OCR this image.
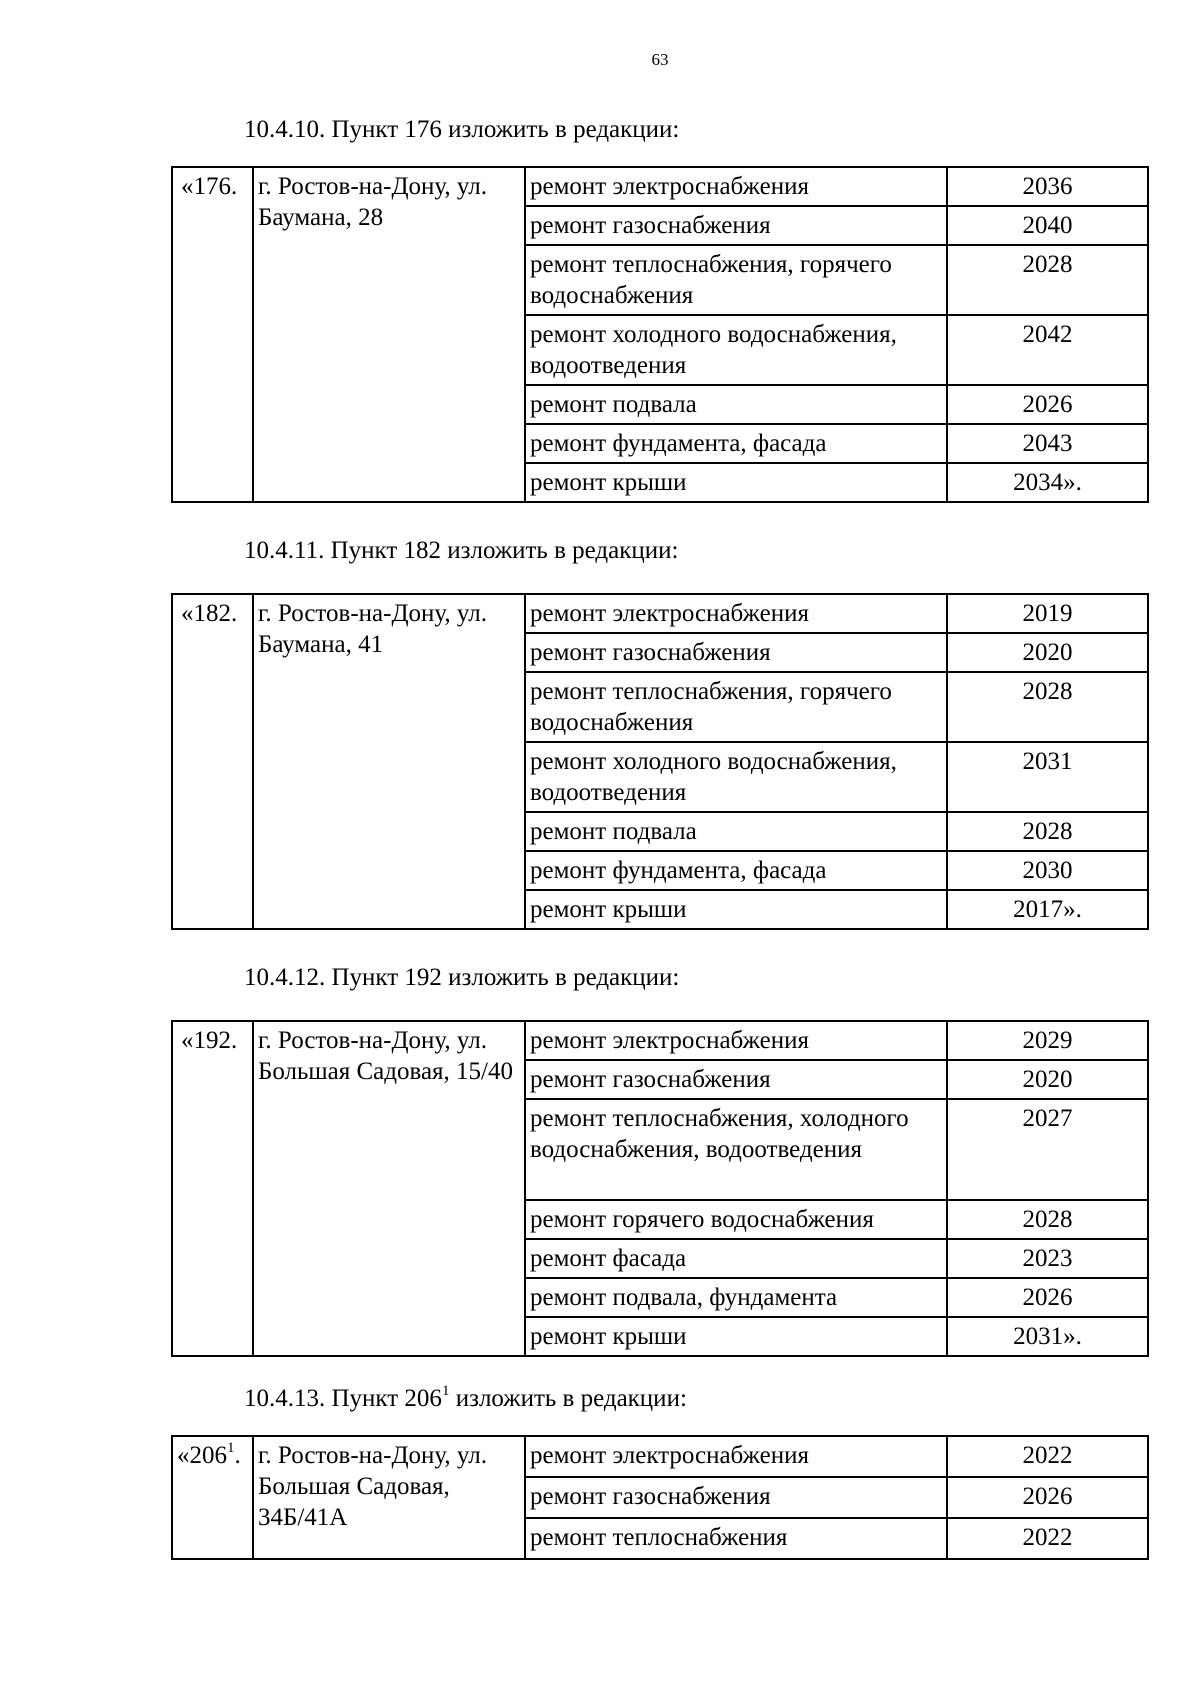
63
10.4.10. Пункт 176 изложить в редакции:
«176.	г. Ростов-на-Дону, ул. Баумана, 28	ремонт электроснабжения	2036
		ремонт газоснабжения	2040
		ремонт теплоснабжения, горячего водоснабжения	2028
		ремонт холодного водоснабжения, водоотведения	2042
		ремонт подвала	2026
		ремонт фундамента, фасада	2043
		ремонт крыши	2034».
10.4.11. Пункт 182 изложить в редакции:
«182.	г. Ростов-на-Дону, ул. Баумана, 41	ремонт электроснабжения	2019
		ремонт газоснабжения	2020
		ремонт теплоснабжения, горячего водоснабжения	2028
		ремонт холодного водоснабжения, водоотведения	2031
		ремонт подвала	2028
		ремонт фундамента, фасада	2030
		ремонт крыши	2017».
10.4.12. Пункт 192 изложить в редакции:
«192.	г. Ростов-на-Дону, ул. Большая Садовая, 15/40	ремонт электроснабжения	2029
		ремонт газоснабжения	2020
		ремонт теплоснабжения, холодного водоснабжения, водоотведения	2027
		ремонт горячего водоснабжения	2028
		ремонт фасада	2023
		ремонт подвала, фундамента	2026
		ремонт крыши	2031».
10.4.13. Пункт $206^1$ изложить в редакции:
«$206^1$.	г. Ростов-на-Дону, ул. Большая Садовая, 34Б/41А	ремонт электроснабжения	2022
		ремонт газоснабжения	2026
		ремонт теплоснабжения	2022
